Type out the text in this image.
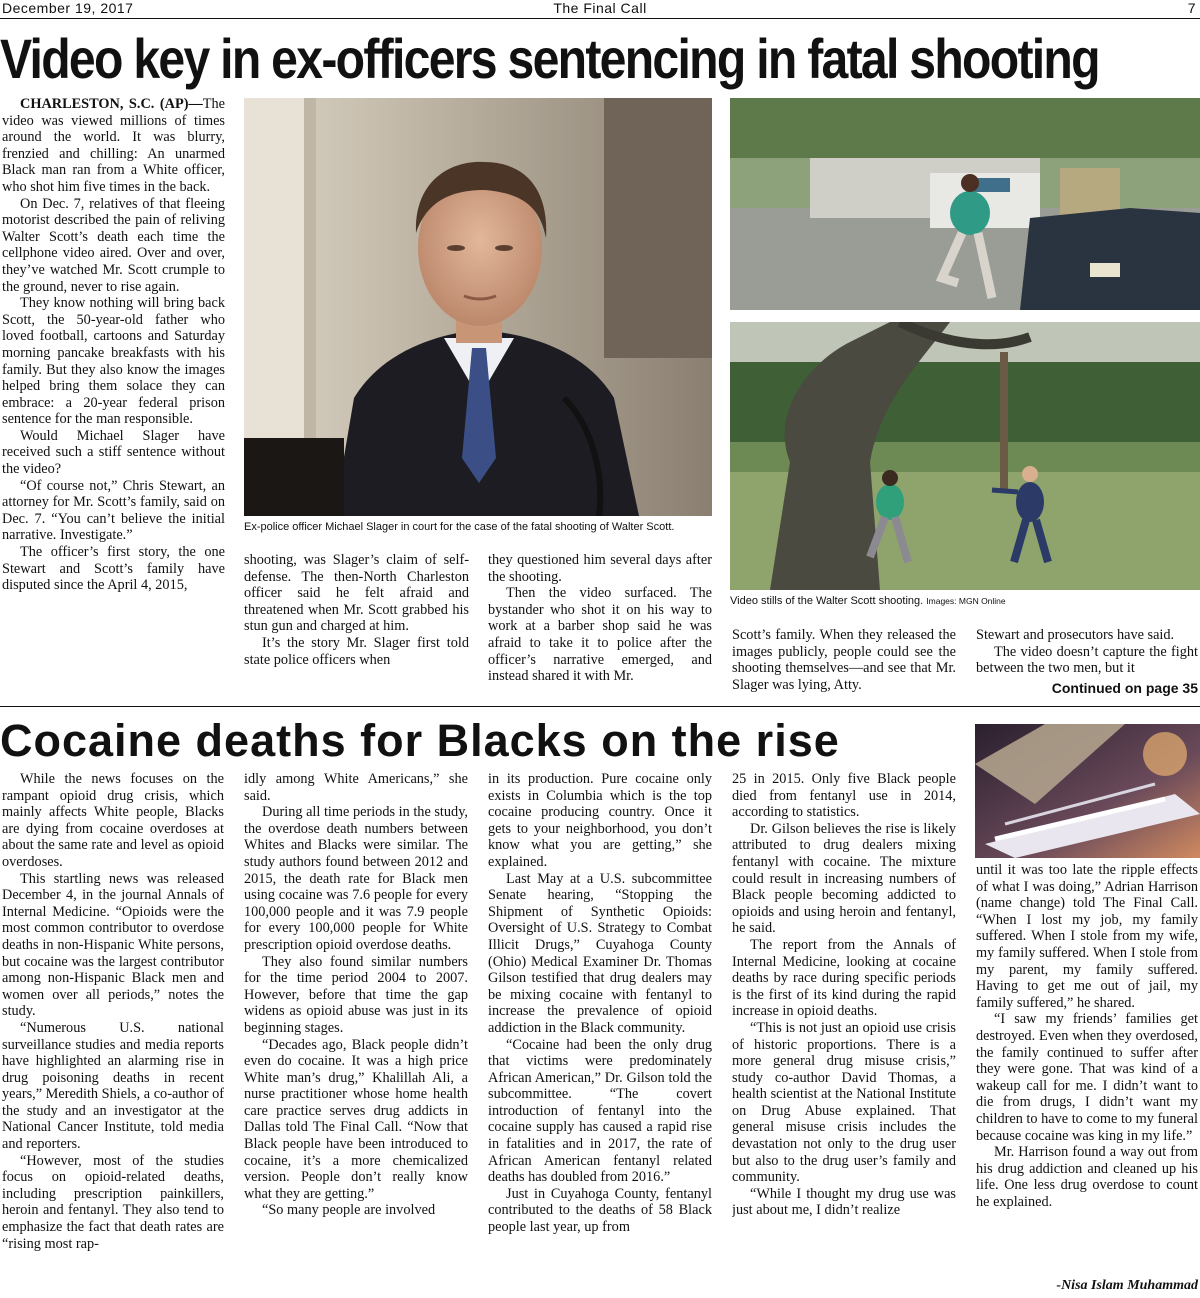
December 19, 2017	The Final Call	7
Video key in ex-officers sentencing in fatal shooting

CHARLESTON, S.C. (AP)—The video was viewed millions of times around the world. It was blurry, frenzied and chilling: An unarmed Black man ran from a White officer, who shot him five times in the back.

On Dec. 7, relatives of that fleeing motorist described the pain of reliving Walter Scott’s death each time the cellphone video aired. Over and over, they’ve watched Mr. Scott crumple to the ground, never to rise again.

They know nothing will bring back Scott, the 50-year-old father who loved football, cartoons and Saturday morning pancake breakfasts with his family. But they also know the images helped bring them solace they can embrace: a 20-year federal prison sentence for the man responsible.

Would Michael Slager have received such a stiff sentence without the video?

“Of course not,” Chris Stewart, an attorney for Mr. Scott’s family, said on Dec. 7. “You can’t believe the initial narrative. Investigate.”

The officer’s first story, the one Stewart and Scott’s family have disputed since the April 4, 2015,

Ex-police officer Michael Slager in court for the case of the fatal shooting of Walter Scott.
Video stills of the Walter Scott shooting. Images: MGN Online

shooting, was Slager’s claim of self-defense. The then-North Charleston officer said he felt afraid and threatened when Mr. Scott grabbed his stun gun and charged at him.

It’s the story Mr. Slager first told state police officers when

they questioned him several days after the shooting.

Then the video surfaced. The bystander who shot it on his way to work at a barber shop said he was afraid to take it to police after the officer’s narrative emerged, and instead shared it with Mr.

Scott’s family. When they released the images publicly, people could see the shooting themselves—and see that Mr. Slager was lying, Atty.

Stewart and prosecutors have said.

The video doesn’t capture the fight between the two men, but it

Continued on page 35
Cocaine deaths for Blacks on the rise

While the news focuses on the rampant opioid drug crisis, which mainly affects White people, Blacks are dying from cocaine overdoses at about the same rate and level as opioid overdoses.

This startling news was released December 4, in the journal Annals of Internal Medicine. “Opioids were the most common contributor to overdose deaths in non-Hispanic White persons, but cocaine was the largest contributor among non-Hispanic Black men and women over all periods,” notes the study.

“Numerous U.S. national surveillance studies and media reports have highlighted an alarming rise in drug poisoning deaths in recent years,” Meredith Shiels, a co-author of the study and an investigator at the National Cancer Institute, told media and reporters.

“However, most of the studies focus on opioid-related deaths, including prescription painkillers, heroin and fentanyl. They also tend to emphasize the fact that death rates are “rising most rap-

idly among White Americans,” she said.

During all time periods in the study, the overdose death numbers between Whites and Blacks were similar. The study authors found between 2012 and 2015, the death rate for Black men using cocaine was 7.6 people for every 100,000 people and it was 7.9 people for every 100,000 people for White prescription opioid overdose deaths.

They also found similar numbers for the time period 2004 to 2007. However, before that time the gap widens as opioid abuse was just in its beginning stages.

“Decades ago, Black people didn’t even do cocaine. It was a high price White man’s drug,” Khalillah Ali, a nurse practitioner whose home health care practice serves drug addicts in Dallas told The Final Call. “Now that Black people have been introduced to cocaine, it’s a more chemicalized version. People don’t really know what they are getting.”

“So many people are involved

in its production. Pure cocaine only exists in Columbia which is the top cocaine producing country. Once it gets to your neighborhood, you don’t know what you are getting,” she explained.

Last May at a U.S. subcommittee Senate hearing, “Stopping the Shipment of Synthetic Opioids: Oversight of U.S. Strategy to Combat Illicit Drugs,” Cuyahoga County (Ohio) Medical Examiner Dr. Thomas Gilson testified that drug dealers may be mixing cocaine with fentanyl to increase the prevalence of opioid addiction in the Black community.

“Cocaine had been the only drug that victims were predominately African American,” Dr. Gilson told the subcommittee. “The covert introduction of fentanyl into the cocaine supply has caused a rapid rise in fatalities and in 2017, the rate of African American fentanyl related deaths has doubled from 2016.”

Just in Cuyahoga County, fentanyl contributed to the deaths of 58 Black people last year, up from

25 in 2015. Only five Black people died from fentanyl use in 2014, according to statistics.

Dr. Gilson believes the rise is likely attributed to drug dealers mixing fentanyl with cocaine. The mixture could result in increasing numbers of Black people becoming addicted to opioids and using heroin and fentanyl, he said.

The report from the Annals of Internal Medicine, looking at cocaine deaths by race during specific periods is the first of its kind during the rapid increase in opioid deaths.

“This is not just an opioid use crisis of historic proportions. There is a more general drug misuse crisis,” study co-author David Thomas, a health scientist at the National Institute on Drug Abuse explained. That general misuse crisis includes the devastation not only to the drug user but also to the drug user’s family and community.

“While I thought my drug use was just about me, I didn’t realize

until it was too late the ripple effects of what I was doing,” Adrian Harrison (name change) told The Final Call. “When I lost my job, my family suffered. When I stole from my wife, my family suffered. When I stole from my parent, my family suffered. Having to get me out of jail, my family suffered,” he shared.

“I saw my friends’ families get destroyed. Even when they overdosed, the family continued to suffer after they were gone. That was kind of a wakeup call for me. I didn’t want to die from drugs, I didn’t want my children to have to come to my funeral because cocaine was king in my life.”

Mr. Harrison found a way out from his drug addiction and cleaned up his life. One less drug overdose to count he explained.

-Nisa Islam Muhammad
